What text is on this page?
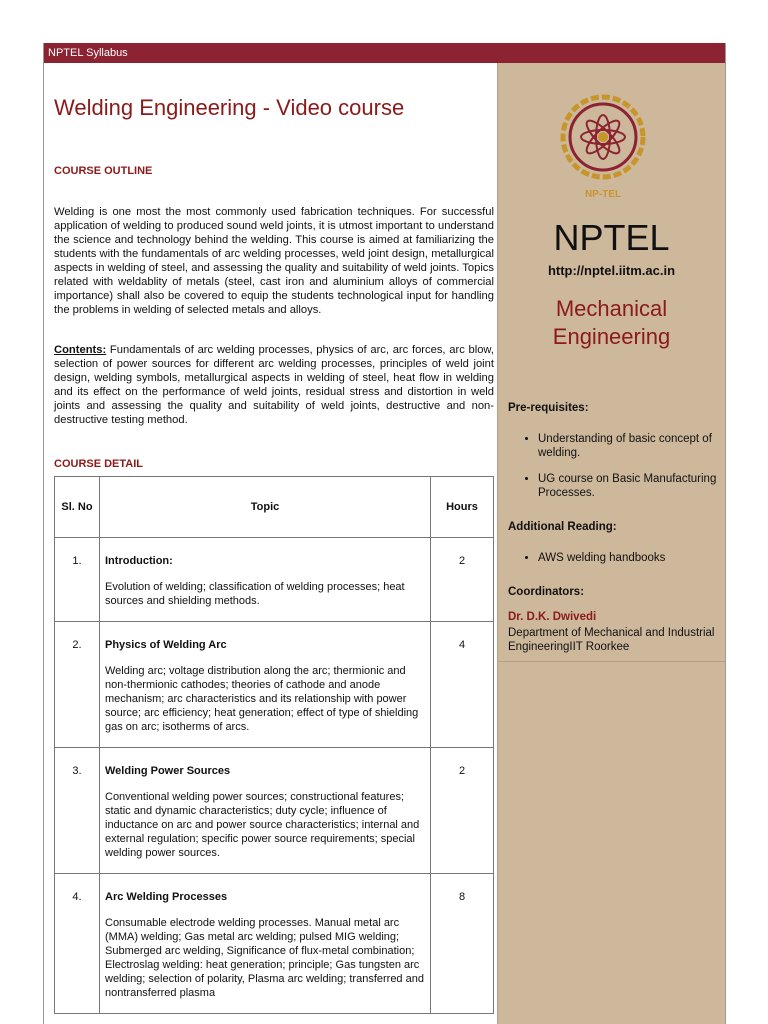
NPTEL Syllabus
Welding Engineering - Video course

COURSE OUTLINE

Welding is one most the most commonly used fabrication techniques. For successful application of welding to produced sound weld joints, it is utmost important to understand the science and technology behind the welding. This course is aimed at familiarizing the students with the fundamentals of arc welding processes, weld joint design, metallurgical aspects in welding of steel, and assessing the quality and suitability of weld joints. Topics related with weldablity of metals (steel, cast iron and aluminium alloys of commercial importance) shall also be covered to equip the students technological input for handling the problems in welding of selected metals and alloys.

Contents: Fundamentals of arc welding processes, physics of arc, arc forces, arc blow, selection of power sources for different arc welding processes, principles of weld joint design, welding symbols, metallurgical aspects in welding of steel, heat flow in welding and its effect on the performance of weld joints, residual stress and distortion in weld joints and assessing the quality and suitability of weld joints, destructive and non-destructive testing method.

COURSE DETAIL

Sl. No	Topic	Hours

1.	Introduction:
Evolution of welding; classification of welding processes; heat sources and shielding methods.	2

2.	Physics of Welding Arc
Welding arc; voltage distribution along the arc; thermionic and non-thermionic cathodes; theories of cathode and anode mechanism; arc characteristics and its relationship with power source; arc efficiency; heat generation; effect of type of shielding gas on arc; isotherms of arcs.	4

3.	Welding Power Sources
Conventional welding power sources; constructional features; static and dynamic characteristics; duty cycle; influence of inductance on arc and power source characteristics; internal and external regulation; specific power source requirements; special welding power sources.	2

4.	Arc Welding Processes
Consumable electrode welding processes. Manual metal arc (MMA) welding; Gas metal arc welding; pulsed MIG welding; Submerged arc welding, Significance of flux-metal combination; Electroslag welding: heat generation; principle; Gas tungsten arc welding; selection of polarity, Plasma arc welding; transferred and nontransferred plasma	8
NP-TEL
NPTEL
http://nptel.iitm.ac.in
Mechanical Engineering

Pre-requisites:

• Understanding of basic concept of welding.
• UG course on Basic Manufacturing Processes.

Additional Reading:

• AWS welding handbooks

Coordinators:

Dr. D.K. Dwivedi
Department of Mechanical and Industrial EngineeringIIT Roorkee
